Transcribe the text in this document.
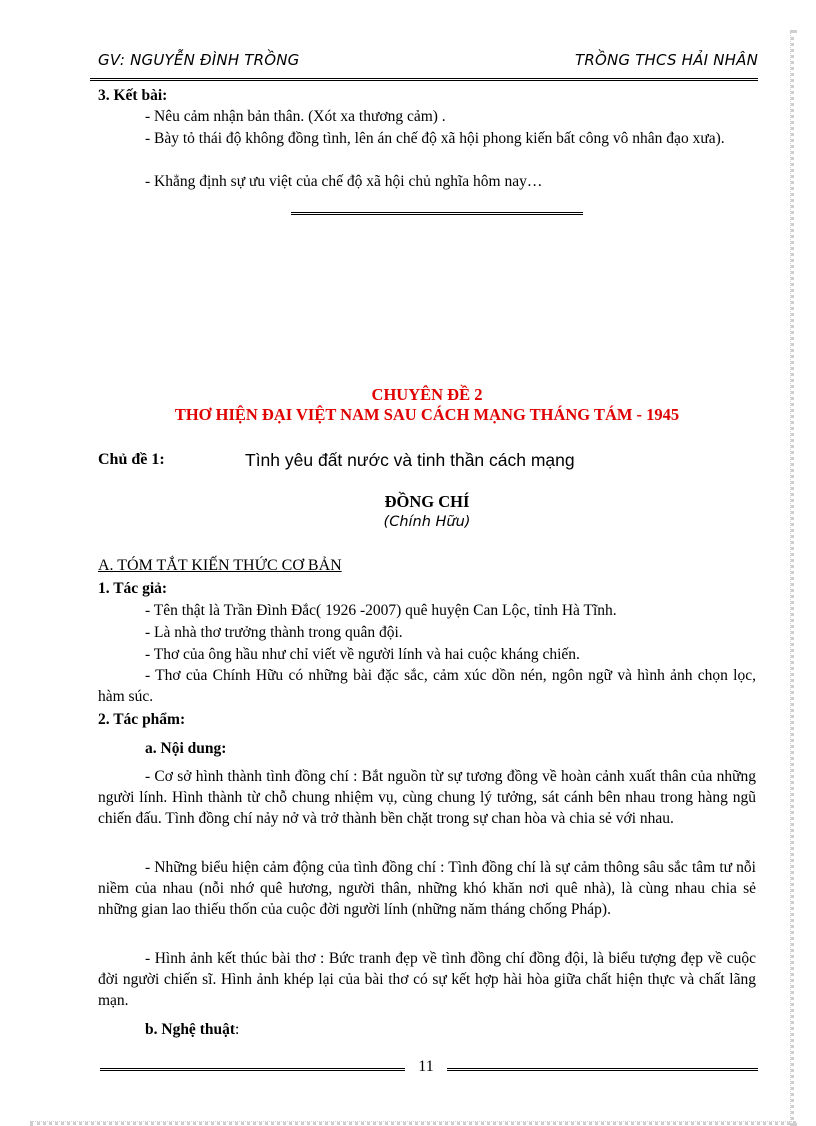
GV: NGUYỄN ĐÌNH TRỒNG	TRỒNG THCS HẢI NHÂN
3. Kết bài:
- Nêu cảm nhận bản thân. (Xót xa thương cảm) .
- Bày tỏ thái độ không đồng tình, lên án chế độ xã hội phong kiến bất công vô nhân đạo xưa).
- Khẳng định sự ưu việt của chế độ xã hội chủ nghĩa hôm nay…
CHUYÊN ĐỀ 2
THƠ HIỆN ĐẠI VIỆT NAM SAU CÁCH MẠNG THÁNG TÁM - 1945
Chủ đề 1:	Tình yêu đất nước và tinh thần cách mạng
ĐỒNG CHÍ
(Chính Hữu)
A. TÓM TẮT KIẾN THỨC CƠ BẢN
1. Tác giả:
- Tên thật là Trần Đình Đắc( 1926 -2007) quê huyện Can Lộc, tỉnh Hà Tĩnh.
- Là nhà thơ trưởng thành trong quân đội.
- Thơ của ông hầu như chỉ viết về người lính và hai cuộc kháng chiến.
- Thơ của Chính Hữu có những bài đặc sắc, cảm xúc dồn nén, ngôn ngữ và hình ảnh chọn lọc, hàm súc.
2. Tác phẩm:
a. Nội dung:
- Cơ sở hình thành tình đồng chí : Bắt nguồn từ sự tương đồng về hoàn cảnh xuất thân của những người lính. Hình thành từ chỗ chung nhiệm vụ, cùng chung lý tưởng, sát cánh bên nhau trong hàng ngũ chiến đấu. Tình đồng chí nảy nở và trở thành bền chặt trong sự chan hòa và chia sẻ với nhau.
- Những biểu hiện cảm động của tình đồng chí : Tình đồng chí là sự cảm thông sâu sắc tâm tư nỗi niềm của nhau (nỗi nhớ quê hương, người thân, những khó khăn nơi quê nhà), là cùng nhau chia sẻ những gian lao thiếu thốn của cuộc đời người lính (những năm tháng chống Pháp).
- Hình ảnh kết thúc bài thơ : Bức tranh đẹp về tình đồng chí đồng đội, là biểu tượng đẹp về cuộc đời người chiến sĩ. Hình ảnh khép lại của bài thơ có sự kết hợp hài hòa giữa chất hiện thực và chất lãng mạn.
b. Nghệ thuật:
11
